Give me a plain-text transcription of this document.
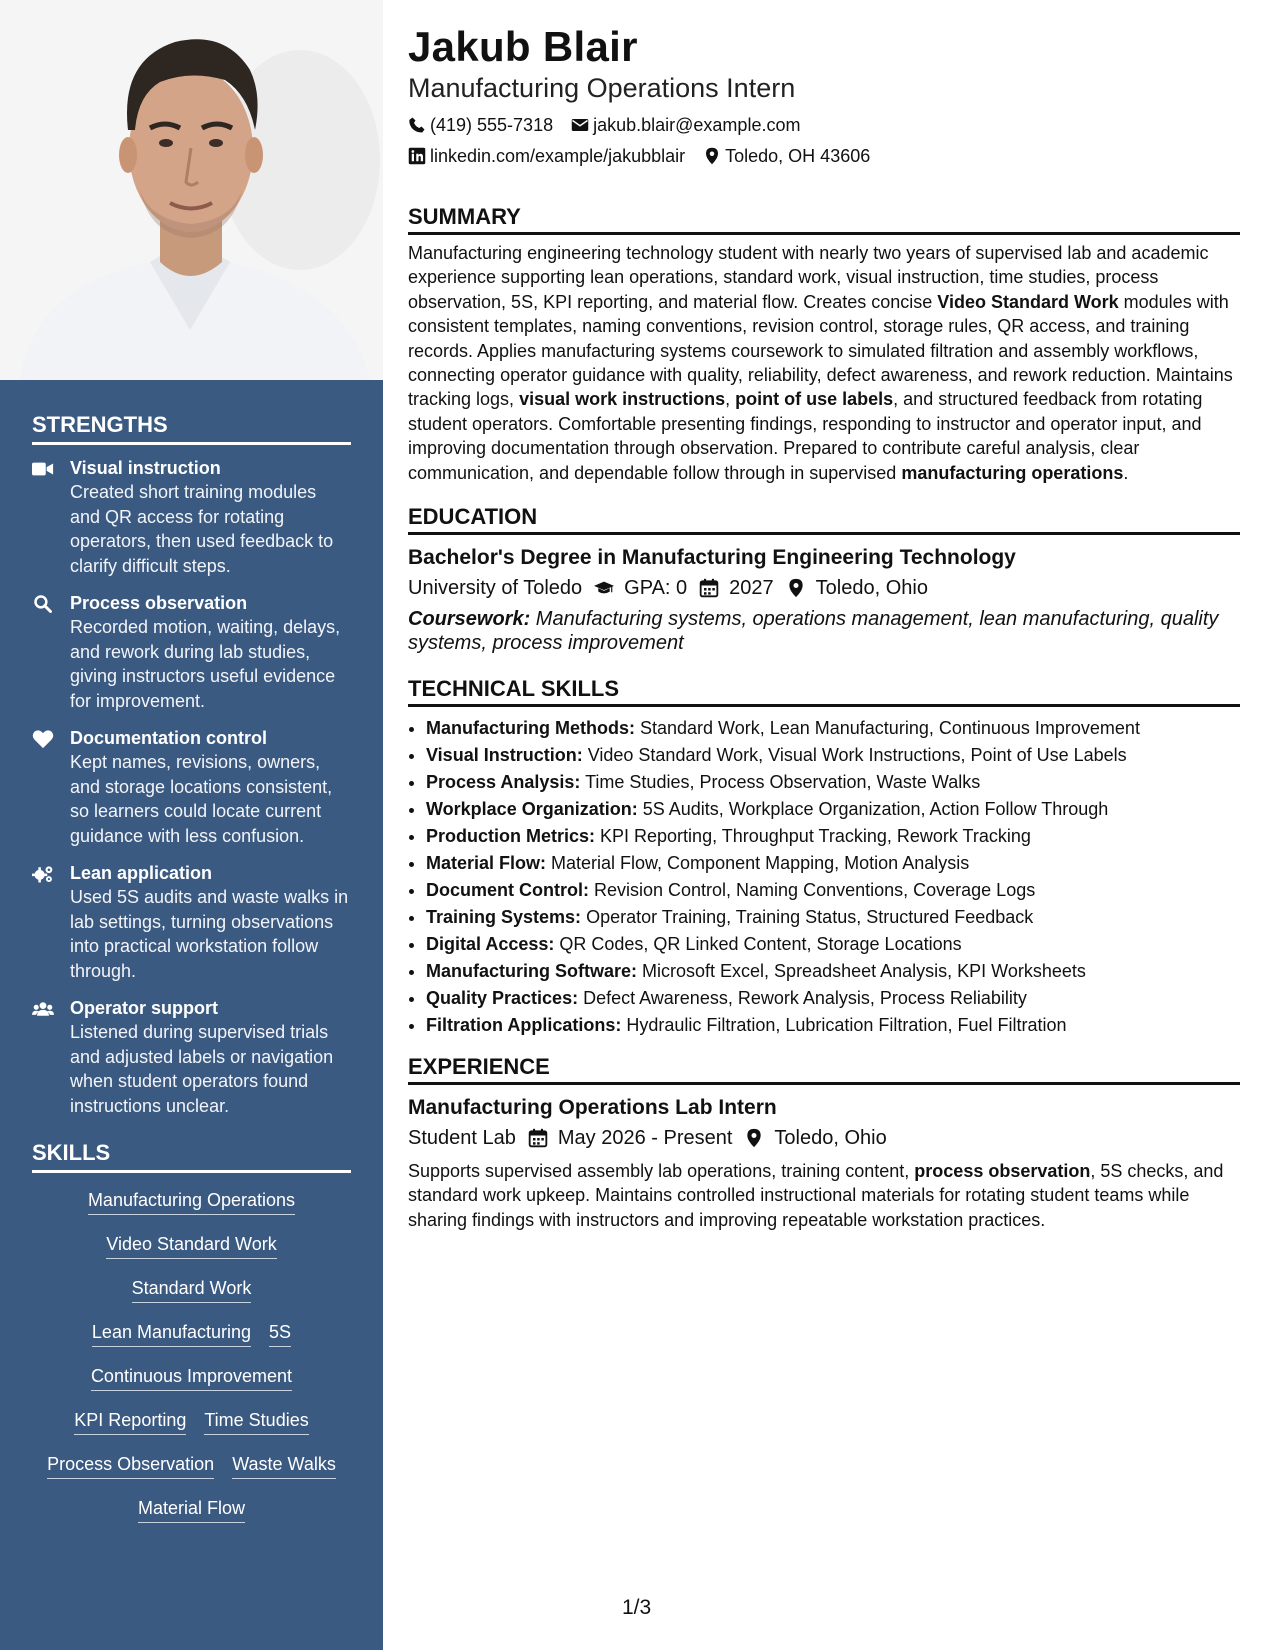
STRENGTHS
Visual instruction
Created short training modules and QR access for rotating operators, then used feedback to clarify difficult steps.
Process observation
Recorded motion, waiting, delays, and rework during lab studies, giving instructors useful evidence for improvement.
Documentation control
Kept names, revisions, owners, and storage locations consistent, so learners could locate current guidance with less confusion.
Lean application
Used 5S audits and waste walks in lab settings, turning observations into practical workstation follow through.
Operator support
Listened during supervised trials and adjusted labels or navigation when student operators found instructions unclear.
SKILLS
Manufacturing Operations
Video Standard Work
Standard Work
Lean Manufacturing 5S
Continuous Improvement
KPI Reporting Time Studies
Process Observation Waste Walks
Material Flow
Jakub Blair
Manufacturing Operations Intern
(419) 555-7318 jakub.blair@example.com
linkedin.com/example/jakubblair Toledo, OH 43606
SUMMARY
Manufacturing engineering technology student with nearly two years of supervised lab and academic experience supporting lean operations, standard work, visual instruction, time studies, process observation, 5S, KPI reporting, and material flow. Creates concise Video Standard Work modules with consistent templates, naming conventions, revision control, storage rules, QR access, and training records. Applies manufacturing systems coursework to simulated filtration and assembly workflows, connecting operator guidance with quality, reliability, defect awareness, and rework reduction. Maintains tracking logs, visual work instructions, point of use labels, and structured feedback from rotating student operators. Comfortable presenting findings, responding to instructor and operator input, and improving documentation through observation. Prepared to contribute careful analysis, clear communication, and dependable follow through in supervised manufacturing operations.
EDUCATION
Bachelor's Degree in Manufacturing Engineering Technology
University of Toledo GPA: 0 2027 Toledo, Ohio
Coursework: Manufacturing systems, operations management, lean manufacturing, quality systems, process improvement
TECHNICAL SKILLS
• Manufacturing Methods: Standard Work, Lean Manufacturing, Continuous Improvement
• Visual Instruction: Video Standard Work, Visual Work Instructions, Point of Use Labels
• Process Analysis: Time Studies, Process Observation, Waste Walks
• Workplace Organization: 5S Audits, Workplace Organization, Action Follow Through
• Production Metrics: KPI Reporting, Throughput Tracking, Rework Tracking
• Material Flow: Material Flow, Component Mapping, Motion Analysis
• Document Control: Revision Control, Naming Conventions, Coverage Logs
• Training Systems: Operator Training, Training Status, Structured Feedback
• Digital Access: QR Codes, QR Linked Content, Storage Locations
• Manufacturing Software: Microsoft Excel, Spreadsheet Analysis, KPI Worksheets
• Quality Practices: Defect Awareness, Rework Analysis, Process Reliability
• Filtration Applications: Hydraulic Filtration, Lubrication Filtration, Fuel Filtration
EXPERIENCE
Manufacturing Operations Lab Intern
Student Lab May 2026 - Present Toledo, Ohio
Supports supervised assembly lab operations, training content, process observation, 5S checks, and standard work upkeep. Maintains controlled instructional materials for rotating student teams while sharing findings with instructors and improving repeatable workstation practices.
1/3
